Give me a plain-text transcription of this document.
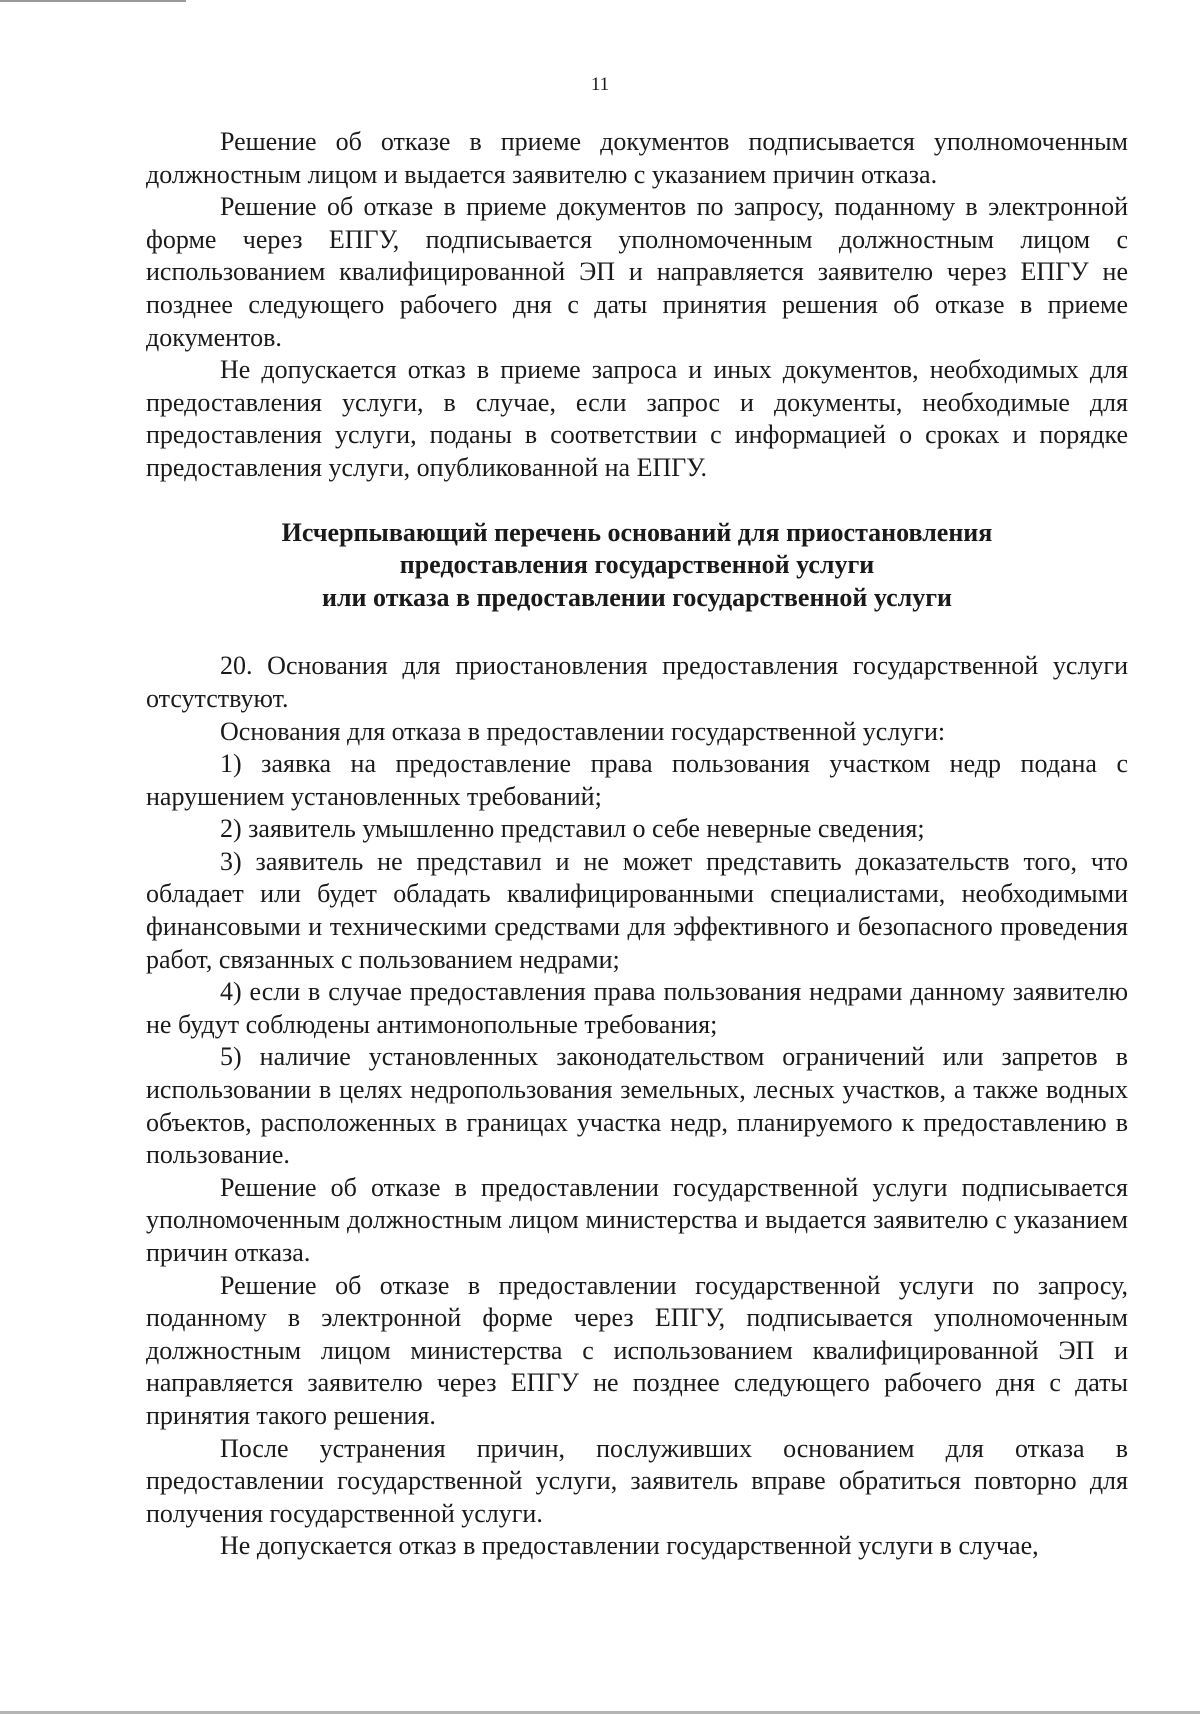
11

Решение об отказе в приеме документов подписывается уполномоченным должностным лицом и выдается заявителю с указанием причин отказа.

Решение об отказе в приеме документов по запросу, поданному в электронной форме через ЕПГУ, подписывается уполномоченным должностным лицом с использованием квалифицированной ЭП и направляется заявителю через ЕПГУ не позднее следующего рабочего дня с даты принятия решения об отказе в приеме документов.

Не допускается отказ в приеме запроса и иных документов, необходимых для предоставления услуги, в случае, если запрос и документы, необходимые для предоставления услуги, поданы в соответствии с информацией о сроках и порядке предоставления услуги, опубликованной на ЕПГУ.

Исчерпывающий перечень оснований для приостановления
предоставления государственной услуги
или отказа в предоставлении государственной услуги

20. Основания для приостановления предоставления государственной услуги отсутствуют.

Основания для отказа в предоставлении государственной услуги:

1) заявка на предоставление права пользования участком недр подана с нарушением установленных требований;

2) заявитель умышленно представил о себе неверные сведения;

3) заявитель не представил и не может представить доказательств того, что обладает или будет обладать квалифицированными специалистами, необходимыми финансовыми и техническими средствами для эффективного и безопасного проведения работ, связанных с пользованием недрами;

4) если в случае предоставления права пользования недрами данному заявителю не будут соблюдены антимонопольные требования;

5) наличие установленных законодательством ограничений или запретов в использовании в целях недропользования земельных, лесных участков, а также водных объектов, расположенных в границах участка недр, планируемого к предоставлению в пользование.

Решение об отказе в предоставлении государственной услуги подписывается уполномоченным должностным лицом министерства и выдается заявителю с указанием причин отказа.

Решение об отказе в предоставлении государственной услуги по запросу, поданному в электронной форме через ЕПГУ, подписывается уполномоченным должностным лицом министерства с использованием квалифицированной ЭП и направляется заявителю через ЕПГУ не позднее следующего рабочего дня с даты принятия такого решения.

После устранения причин, послуживших основанием для отказа в предоставлении государственной услуги, заявитель вправе обратиться повторно для получения государственной услуги.

Не допускается отказ в предоставлении государственной услуги в случае,
